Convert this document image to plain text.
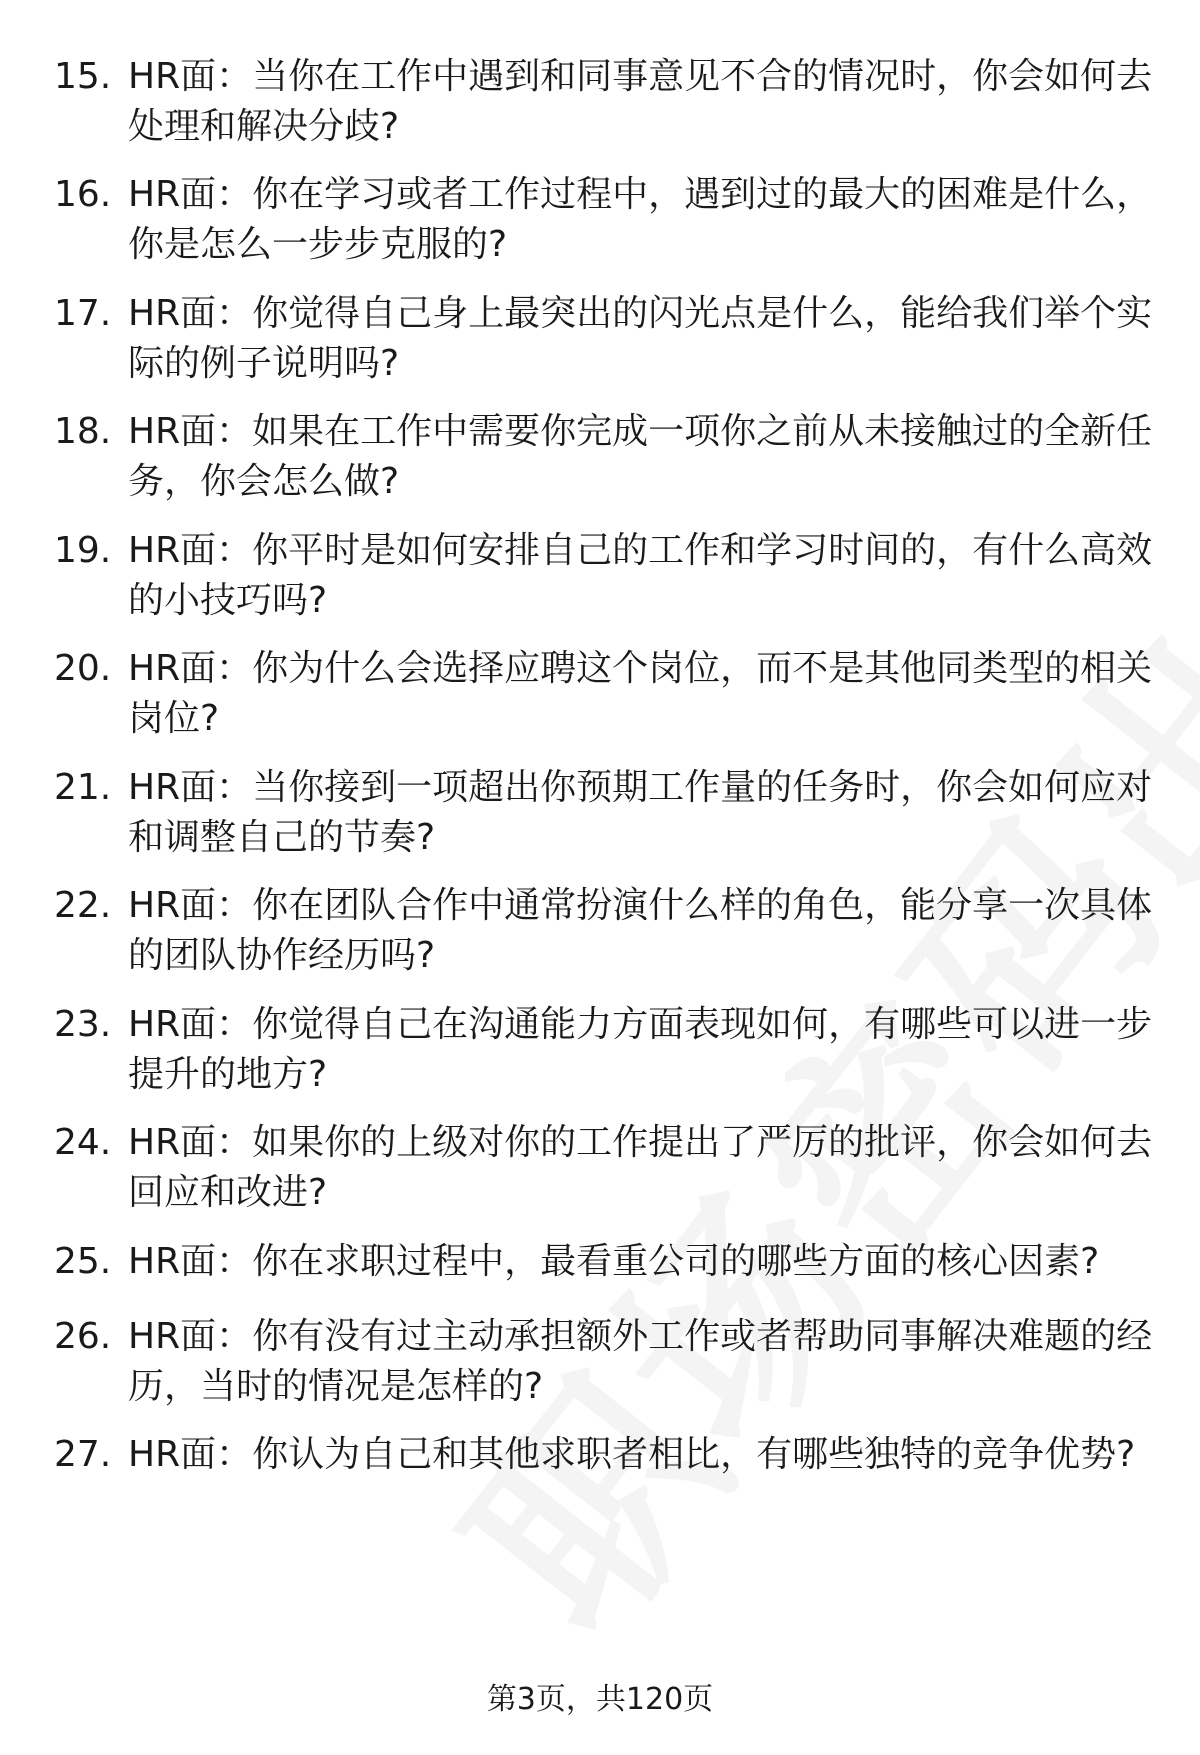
15. HR面：当你在工作中遇到和同事意见不合的情况时，你会如何去处理和解决分歧?
16. HR面：你在学习或者工作过程中，遇到过的最大的困难是什么，你是怎么一步步克服的?
17. HR面：你觉得自己身上最突出的闪光点是什么，能给我们举个实际的例子说明吗?
18. HR面：如果在工作中需要你完成一项你之前从未接触过的全新任务，你会怎么做?
19. HR面：你平时是如何安排自己的工作和学习时间的，有什么高效的小技巧吗?
20. HR面：你为什么会选择应聘这个岗位，而不是其他同类型的相关岗位?
21. HR面：当你接到一项超出你预期工作量的任务时，你会如何应对和调整自己的节奏?
22. HR面：你在团队合作中通常扮演什么样的角色，能分享一次具体的团队协作经历吗?
23. HR面：你觉得自己在沟通能力方面表现如何，有哪些可以进一步提升的地方?
24. HR面：如果你的上级对你的工作提出了严厉的批评，你会如何去回应和改进?
25. HR面：你在求职过程中，最看重公司的哪些方面的核心因素?
26. HR面：你有没有过主动承担额外工作或者帮助同事解决难题的经历，当时的情况是怎样的?
27. HR面：你认为自己和其他求职者相比，有哪些独特的竞争优势?
第3页，共120页
